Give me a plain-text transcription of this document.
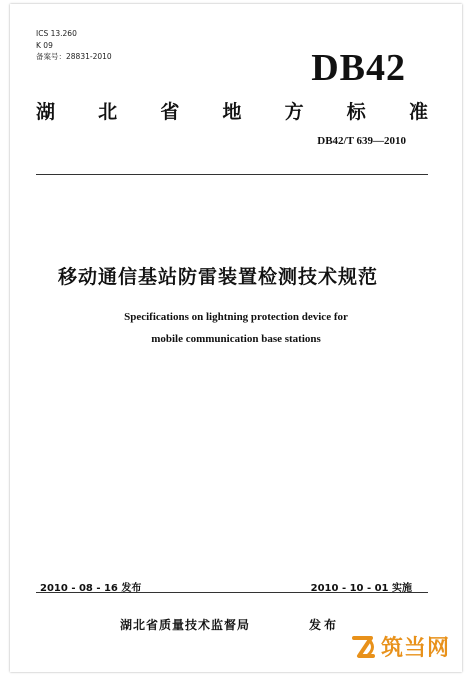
ICS 13.260
K 09
备案号：28831-2010	DB42
湖 北 省 地 方 标 准
DB42/T 639—2010
移动通信基站防雷装置检测技术规范
Specifications on lightning protection device for
mobile communication base stations
2010 - 08 - 16 发布	2010 - 10 - 01 实施
湖北省质量技术监督局	发布
筑当网
